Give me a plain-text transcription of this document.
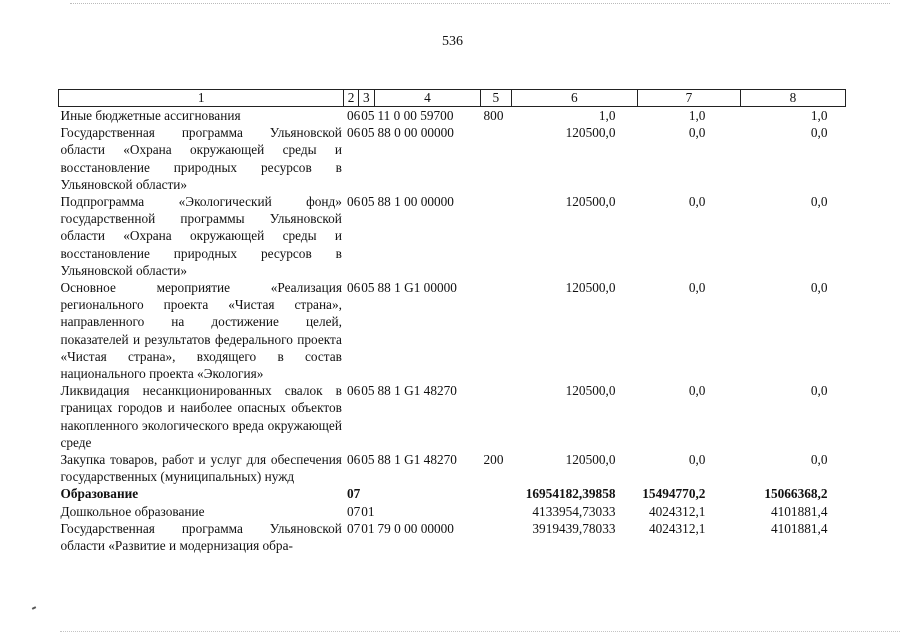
536
1	2	3	4	5	6	7	8
Иные бюджетные ассигнования	06	05	11 0 00 59700	800	1,0	1,0	1,0
Государственная программа Ульяновской области «Охрана окружающей среды и восстановление природных ресурсов в Ульяновской области»	06	05	88 0 00 00000		120500,0	0,0	0,0
Подпрограмма «Экологический фонд» государственной программы Ульяновской области «Охрана окружающей среды и восстановление природных ресурсов в Ульяновской области»	06	05	88 1 00 00000		120500,0	0,0	0,0
Основное мероприятие «Реализация регионального проекта «Чистая страна», направленного на достижение целей, показателей и результатов федерального проекта «Чистая страна», входящего в состав национального проекта «Экология»	06	05	88 1 G1 00000		120500,0	0,0	0,0
Ликвидация несанкционированных свалок в границах городов и наиболее опасных объектов накопленного экологического вреда окружающей среде	06	05	88 1 G1 48270		120500,0	0,0	0,0
Закупка товаров, работ и услуг для обеспечения государственных (муниципальных) нужд	06	05	88 1 G1 48270	200	120500,0	0,0	0,0
Образование	07				16954182,39858	15494770,2	15066368,2
Дошкольное образование	07	01			4133954,73033	4024312,1	4101881,4
Государственная программа Ульяновской области «Развитие и модернизация обра-	07	01	79 0 00 00000		3919439,78033	4024312,1	4101881,4
